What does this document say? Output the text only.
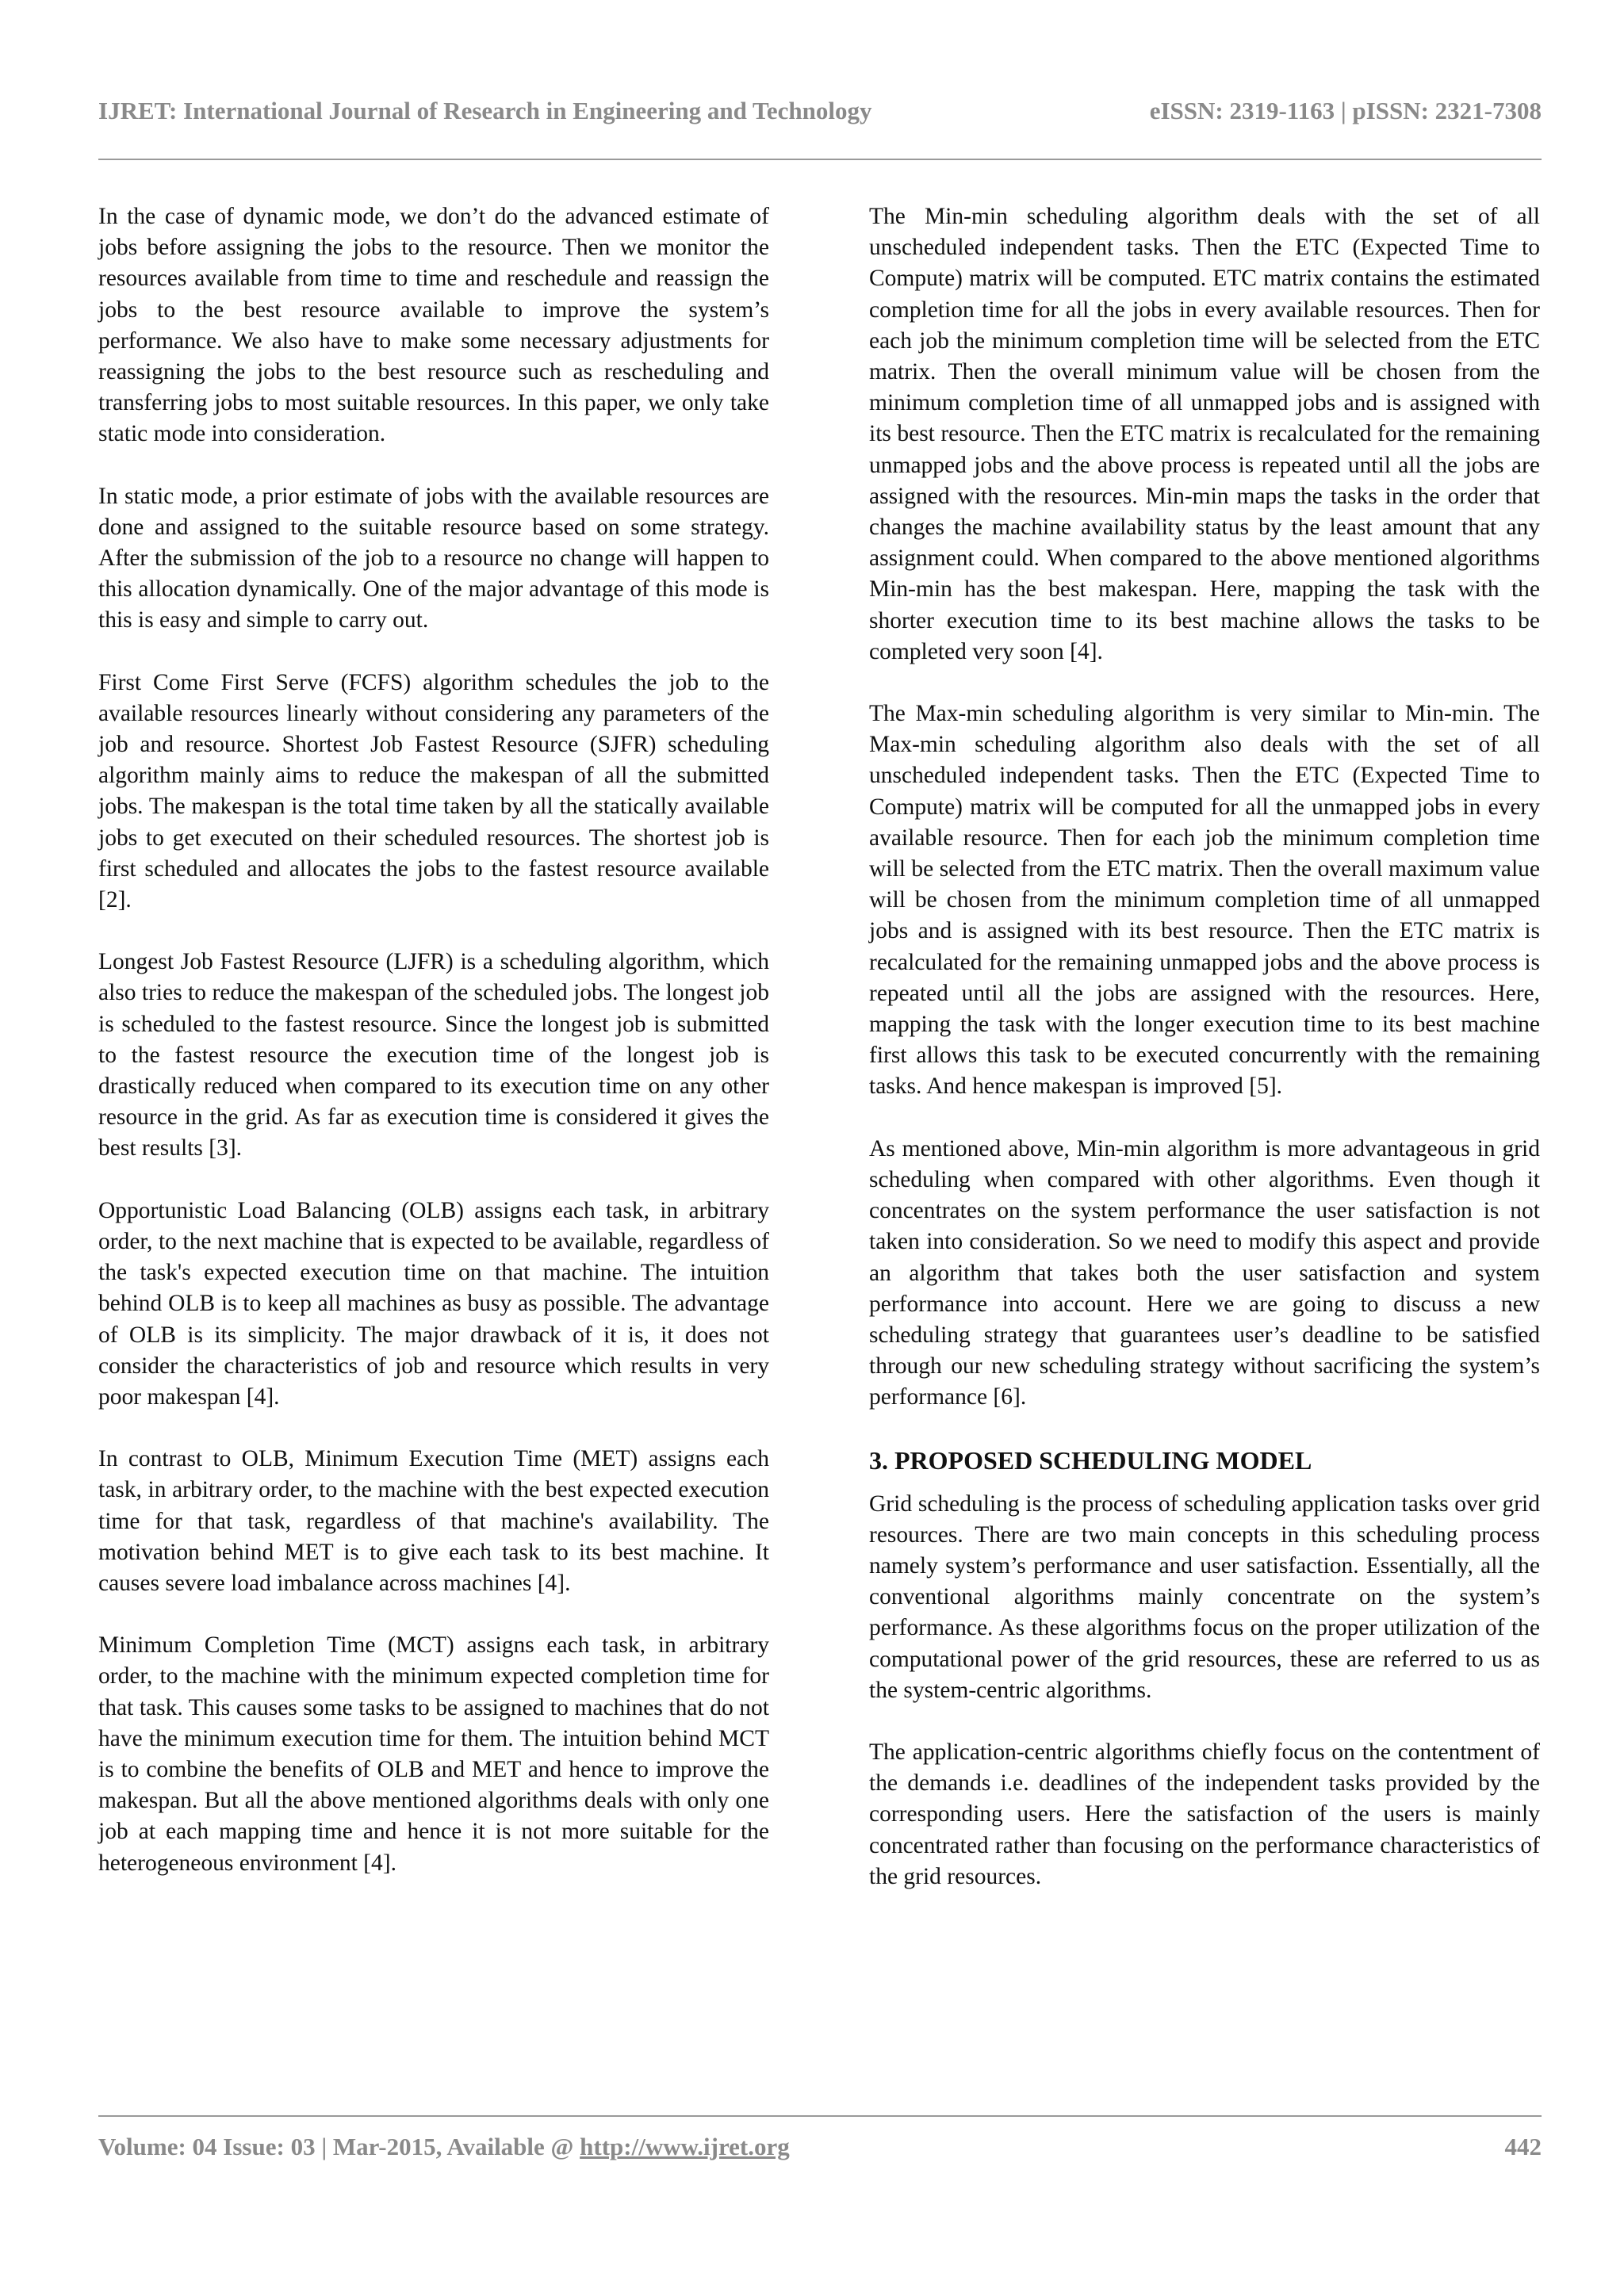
IJRET: International Journal of Research in Engineering and Technology	eISSN: 2319-1163 | pISSN: 2321-7308

In the case of dynamic mode, we don’t do the advanced estimate of jobs before assigning the jobs to the resource. Then we monitor the resources available from time to time and reschedule and reassign the jobs to the best resource available to improve the system’s performance. We also have to make some necessary adjustments for reassigning the jobs to the best resource such as rescheduling and transferring jobs to most suitable resources. In this paper, we only take static mode into consideration.

In static mode, a prior estimate of jobs with the available resources are done and assigned to the suitable resource based on some strategy. After the submission of the job to a resource no change will happen to this allocation dynamically. One of the major advantage of this mode is this is easy and simple to carry out.

First Come First Serve (FCFS) algorithm schedules the job to the available resources linearly without considering any parameters of the job and resource. Shortest Job Fastest Resource (SJFR) scheduling algorithm mainly aims to reduce the makespan of all the submitted jobs. The makespan is the total time taken by all the statically available jobs to get executed on their scheduled resources. The shortest job is first scheduled and allocates the jobs to the fastest resource available [2].

Longest Job Fastest Resource (LJFR) is a scheduling algorithm, which also tries to reduce the makespan of the scheduled jobs. The longest job is scheduled to the fastest resource. Since the longest job is submitted to the fastest resource the execution time of the longest job is drastically reduced when compared to its execution time on any other resource in the grid. As far as execution time is considered it gives the best results [3].

Opportunistic Load Balancing (OLB) assigns each task, in arbitrary order, to the next machine that is expected to be available, regardless of the task's expected execution time on that machine. The intuition behind OLB is to keep all machines as busy as possible. The advantage of OLB is its simplicity. The major drawback of it is, it does not consider the characteristics of job and resource which results in very poor makespan [4].

In contrast to OLB, Minimum Execution Time (MET) assigns each task, in arbitrary order, to the machine with the best expected execution time for that task, regardless of that machine's availability. The motivation behind MET is to give each task to its best machine. It causes severe load imbalance across machines [4].

Minimum Completion Time (MCT) assigns each task, in arbitrary order, to the machine with the minimum expected completion time for that task. This causes some tasks to be assigned to machines that do not have the minimum execution time for them. The intuition behind MCT is to combine the benefits of OLB and MET and hence to improve the makespan. But all the above mentioned algorithms deals with only one job at each mapping time and hence it is not more suitable for the heterogeneous environment [4].

The Min-min scheduling algorithm deals with the set of all unscheduled independent tasks. Then the ETC (Expected Time to Compute) matrix will be computed. ETC matrix contains the estimated completion time for all the jobs in every available resources. Then for each job the minimum completion time will be selected from the ETC matrix. Then the overall minimum value will be chosen from the minimum completion time of all unmapped jobs and is assigned with its best resource. Then the ETC matrix is recalculated for the remaining unmapped jobs and the above process is repeated until all the jobs are assigned with the resources. Min-min maps the tasks in the order that changes the machine availability status by the least amount that any assignment could. When compared to the above mentioned algorithms Min-min has the best makespan. Here, mapping the task with the shorter execution time to its best machine allows the tasks to be completed very soon [4].

The Max-min scheduling algorithm is very similar to Min-min. The Max-min scheduling algorithm also deals with the set of all unscheduled independent tasks. Then the ETC (Expected Time to Compute) matrix will be computed for all the unmapped jobs in every available resource. Then for each job the minimum completion time will be selected from the ETC matrix. Then the overall maximum value will be chosen from the minimum completion time of all unmapped jobs and is assigned with its best resource. Then the ETC matrix is recalculated for the remaining unmapped jobs and the above process is repeated until all the jobs are assigned with the resources. Here, mapping the task with the longer execution time to its best machine first allows this task to be executed concurrently with the remaining tasks. And hence makespan is improved [5].

As mentioned above, Min-min algorithm is more advantageous in grid scheduling when compared with other algorithms. Even though it concentrates on the system performance the user satisfaction is not taken into consideration. So we need to modify this aspect and provide an algorithm that takes both the user satisfaction and system performance into account. Here we are going to discuss a new scheduling strategy that guarantees user’s deadline to be satisfied through our new scheduling strategy without sacrificing the system’s performance [6].

3. PROPOSED SCHEDULING MODEL

Grid scheduling is the process of scheduling application tasks over grid resources. There are two main concepts in this scheduling process namely system’s performance and user satisfaction. Essentially, all the conventional algorithms mainly concentrate on the system’s performance. As these algorithms focus on the proper utilization of the computational power of the grid resources, these are referred to us as the system-centric algorithms.

The application-centric algorithms chiefly focus on the contentment of the demands i.e. deadlines of the independent tasks provided by the corresponding users. Here the satisfaction of the users is mainly concentrated rather than focusing on the performance characteristics of the grid resources.

Volume: 04 Issue: 03 | Mar-2015, Available @ http://www.ijret.org	442
